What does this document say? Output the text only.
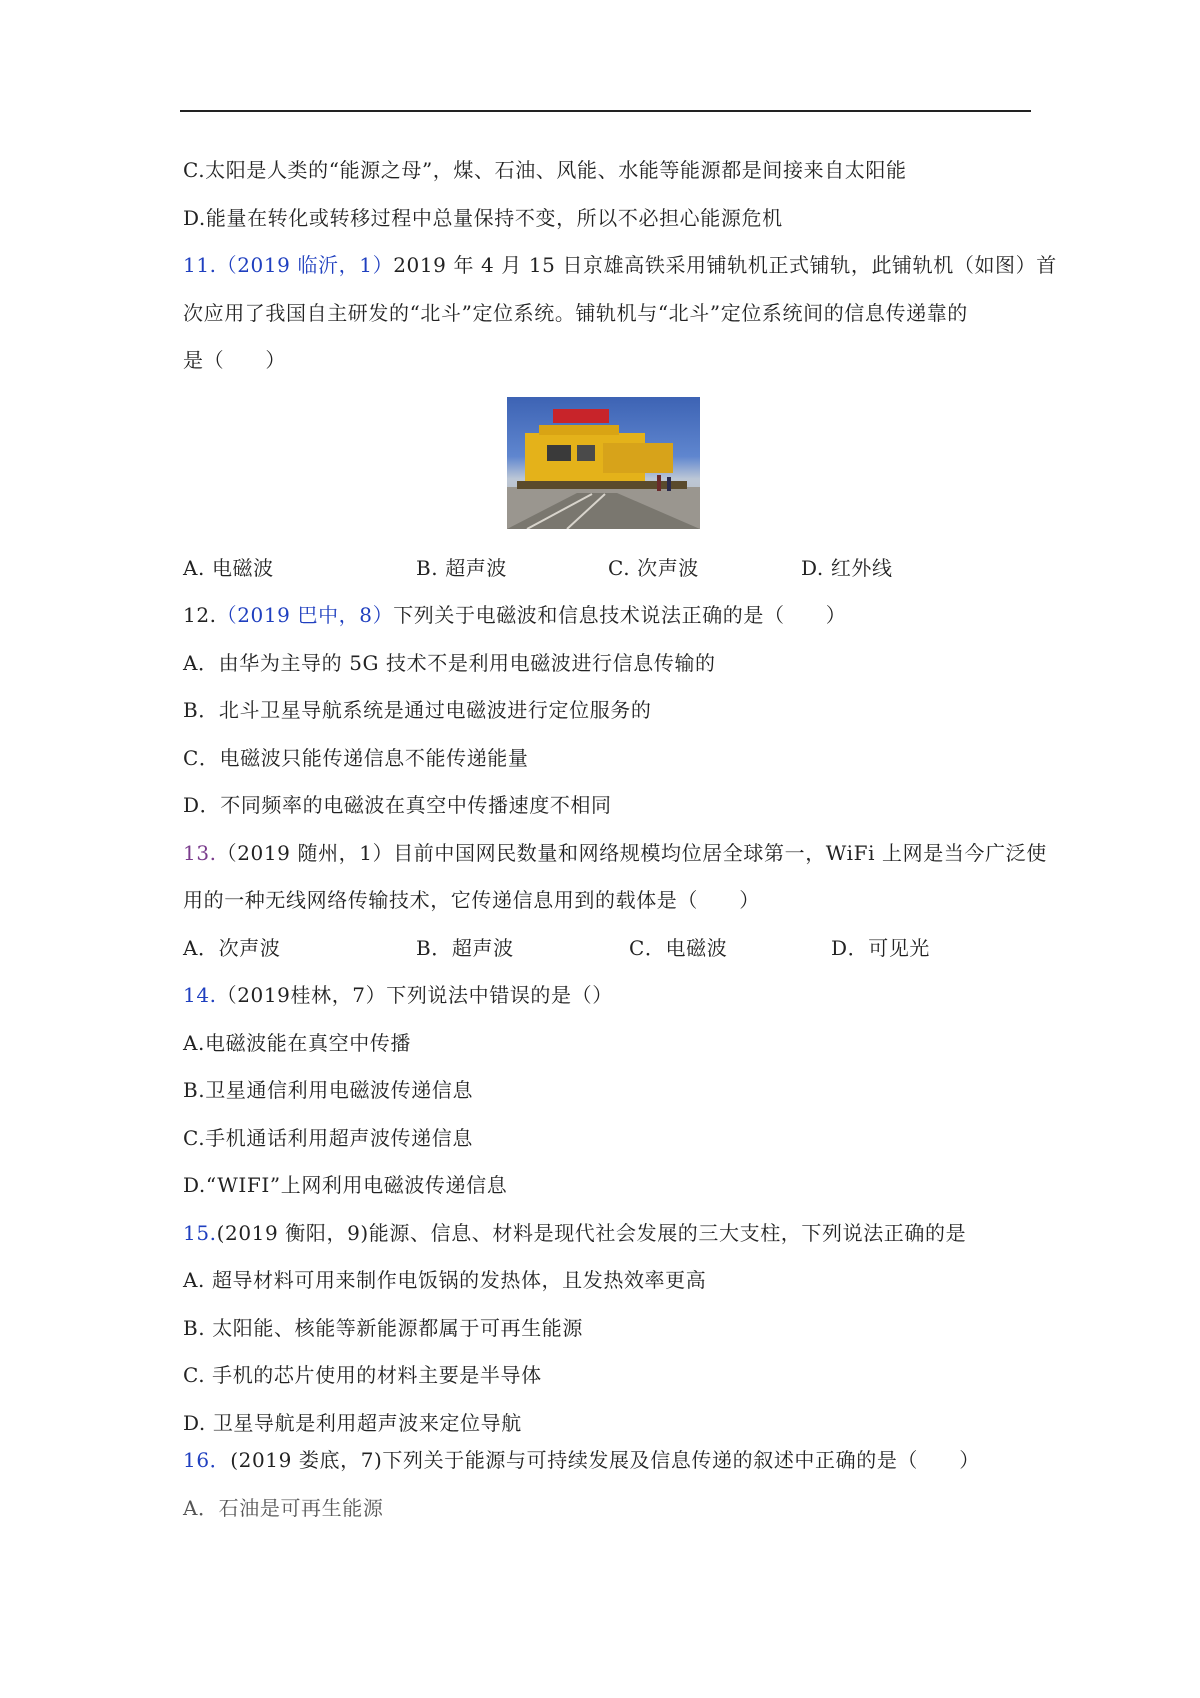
C.太阳是人类的“能源之母”，煤、石油、风能、水能等能源都是间接来自太阳能
D.能量在转化或转移过程中总量保持不变，所以不必担心能源危机
11.（2019 临沂，1）2019 年 4 月 15 日京雄高铁采用铺轨机正式铺轨，此铺轨机（如图）首
次应用了我国自主研发的“北斗”定位系统。铺轨机与“北斗”定位系统间的信息传递靠的
是（　　）
A. 电磁波	B. 超声波	C. 次声波	D. 红外线
12.（2019 巴中，8）下列关于电磁波和信息技术说法正确的是（　　）
A．由华为主导的 5G 技术不是利用电磁波进行信息传输的
B．北斗卫星导航系统是通过电磁波进行定位服务的
C．电磁波只能传递信息不能传递能量
D．不同频率的电磁波在真空中传播速度不相同
13.（2019 随州，1）目前中国网民数量和网络规模均位居全球第一，WiFi 上网是当今广泛使
用的一种无线网络传输技术，它传递信息用到的载体是（　　）
A．次声波	B．超声波	C．电磁波	D．可见光
14.（2019桂林，7）下列说法中错误的是（）
A.电磁波能在真空中传播
B.卫星通信利用电磁波传递信息
C.手机通话利用超声波传递信息
D.“WIFI”上网利用电磁波传递信息
15.(2019 衡阳，9)能源、信息、材料是现代社会发展的三大支柱，下列说法正确的是
A. 超导材料可用来制作电饭锅的发热体，且发热效率更高
B. 太阳能、核能等新能源都属于可再生能源
C. 手机的芯片使用的材料主要是半导体
D. 卫星导航是利用超声波来定位导航
16．(2019 娄底，7)下列关于能源与可持续发展及信息传递的叙述中正确的是（　　）
A．石油是可再生能源
